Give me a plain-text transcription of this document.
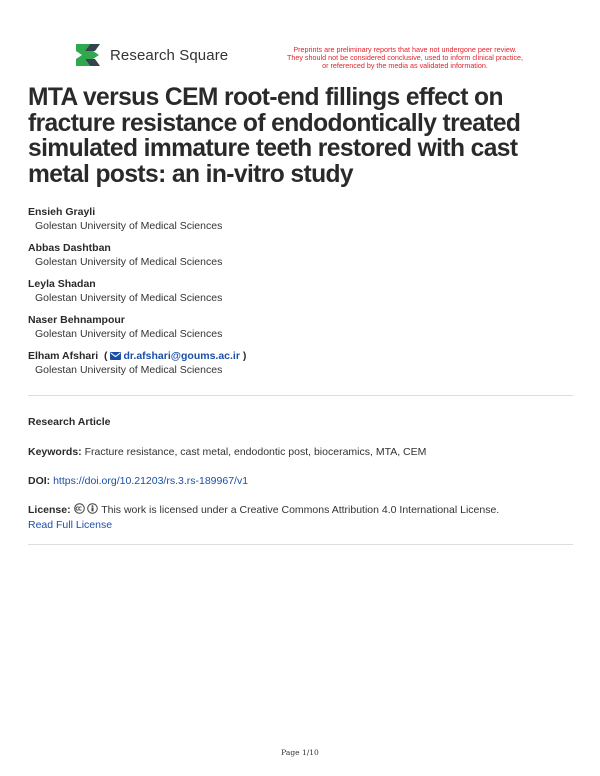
Research Square	Preprints are preliminary reports that have not undergone peer review.
They should not be considered conclusive, used to inform clinical practice,
or referenced by the media as validated information.
MTA versus CEM root-end fillings effect on fracture resistance of endodontically treated simulated immature teeth restored with cast metal posts: an in-vitro study
Ensieh Grayli
Golestan University of Medical Sciences
Abbas Dashtban
Golestan University of Medical Sciences
Leyla Shadan
Golestan University of Medical Sciences
Naser Behnampour
Golestan University of Medical Sciences
Elham Afshari  ( dr.afshari@goums.ac.ir )
Golestan University of Medical Sciences
Research Article
Keywords: Fracture resistance, cast metal, endodontic post, bioceramics, MTA, CEM
DOI: https://doi.org/10.21203/rs.3.rs-189967/v1
License:	This work is licensed under a Creative Commons Attribution 4.0 International License.
Read Full License
Page 1/10
